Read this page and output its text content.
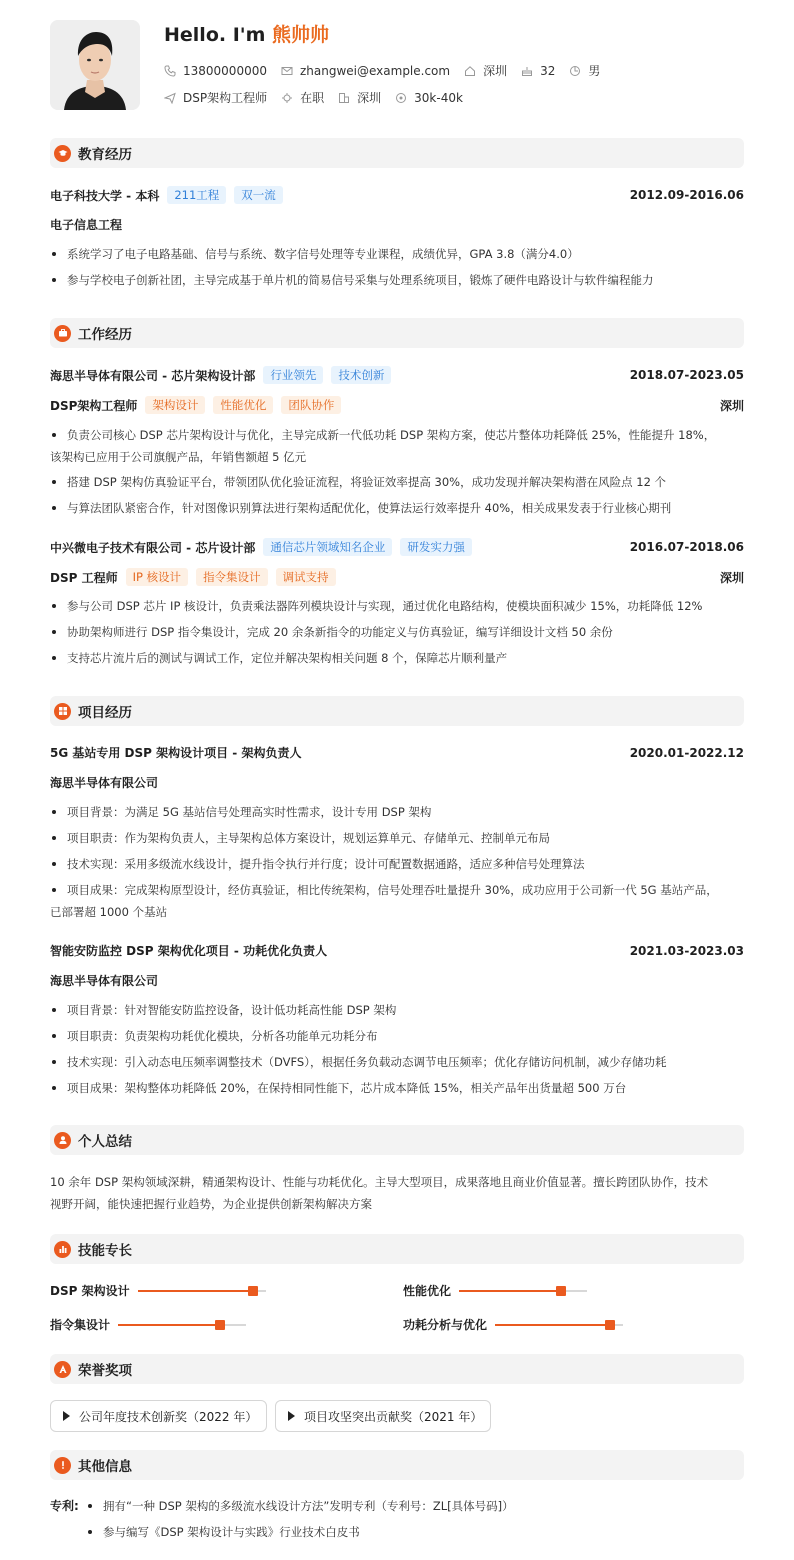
Hello. I'm 熊帅帅
13800000000	zhangwei@example.com	深圳	32	男
DSP架构工程师	在职	深圳	30k-40k
教育经历
电子科技大学 - 本科	211工程	双一流	2012.09-2016.06
电子信息工程
系统学习了电子电路基础、信号与系统、数字信号处理等专业课程，成绩优异，GPA 3.8（满分4.0）
参与学校电子创新社团，主导完成基于单片机的简易信号采集与处理系统项目，锻炼了硬件电路设计与软件编程能力
工作经历
海思半导体有限公司 - 芯片架构设计部	行业领先	技术创新	2018.07-2023.05
DSP架构工程师	架构设计	性能优化	团队协作	深圳
负责公司核心 DSP 芯片架构设计与优化，主导完成新一代低功耗 DSP 架构方案，使芯片整体功耗降低 25%，性能提升 18%，
该架构已应用于公司旗舰产品，年销售额超 5 亿元
搭建 DSP 架构仿真验证平台，带领团队优化验证流程，将验证效率提高 30%，成功发现并解决架构潜在风险点 12 个
与算法团队紧密合作，针对图像识别算法进行架构适配优化，使算法运行效率提升 40%，相关成果发表于行业核心期刊
中兴微电子技术有限公司 - 芯片设计部	通信芯片领域知名企业	研发实力强	2016.07-2018.06
DSP 工程师	IP 核设计	指令集设计	调试支持	深圳
参与公司 DSP 芯片 IP 核设计，负责乘法器阵列模块设计与实现，通过优化电路结构，使模块面积减少 15%，功耗降低 12%
协助架构师进行 DSP 指令集设计，完成 20 余条新指令的功能定义与仿真验证，编写详细设计文档 50 余份
支持芯片流片后的测试与调试工作，定位并解决架构相关问题 8 个，保障芯片顺利量产
项目经历
5G 基站专用 DSP 架构设计项目 - 架构负责人	2020.01-2022.12
海思半导体有限公司
项目背景：为满足 5G 基站信号处理高实时性需求，设计专用 DSP 架构
项目职责：作为架构负责人，主导架构总体方案设计，规划运算单元、存储单元、控制单元布局
技术实现：采用多级流水线设计，提升指令执行并行度；设计可配置数据通路，适应多种信号处理算法
项目成果：完成架构原型设计，经仿真验证，相比传统架构，信号处理吞吐量提升 30%，成功应用于公司新一代 5G 基站产品，
已部署超 1000 个基站
智能安防监控 DSP 架构优化项目 - 功耗优化负责人	2021.03-2023.03
海思半导体有限公司
项目背景：针对智能安防监控设备，设计低功耗高性能 DSP 架构
项目职责：负责架构功耗优化模块，分析各功能单元功耗分布
技术实现：引入动态电压频率调整技术（DVFS），根据任务负载动态调节电压频率；优化存储访问机制，减少存储功耗
项目成果：架构整体功耗降低 20%，在保持相同性能下，芯片成本降低 15%，相关产品年出货量超 500 万台
个人总结
10 余年 DSP 架构领域深耕，精通架构设计、性能与功耗优化。主导大型项目，成果落地且商业价值显著。擅长跨团队协作，技术
视野开阔，能快速把握行业趋势，为企业提供创新架构解决方案
技能专长
DSP 架构设计	性能优化
指令集设计	功耗分析与优化
荣誉奖项
公司年度技术创新奖（2022 年）	项目攻坚突出贡献奖（2021 年）
其他信息
专利:	拥有“一种 DSP 架构的多级流水线设计方法”发明专利（专利号：ZL[具体号码]）
参与编写《DSP 架构设计与实践》行业技术白皮书
